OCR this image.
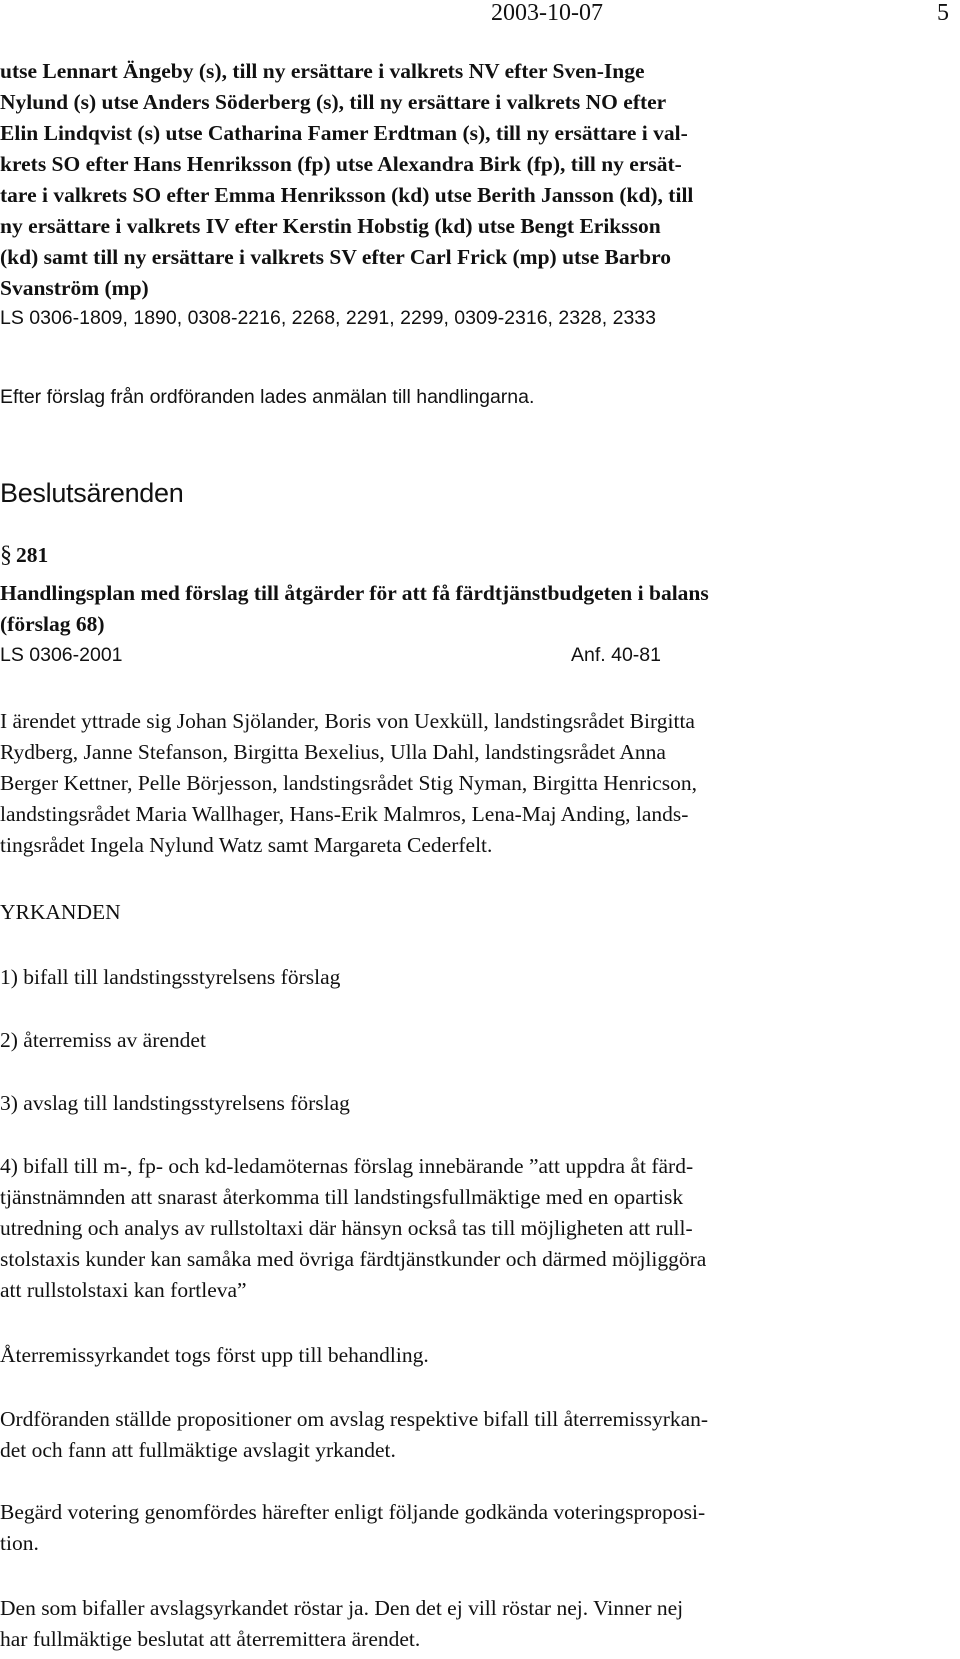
2003-10-07	5

utse Lennart Ängeby (s), till ny ersättare i valkrets NV efter Sven-Inge
Nylund (s) utse Anders Söderberg (s), till ny ersättare i valkrets NO efter
Elin Lindqvist (s) utse Catharina Famer Erdtman (s), till ny ersättare i val-
krets SO efter Hans Henriksson (fp) utse Alexandra Birk (fp), till ny ersät-
tare i valkrets SO efter Emma Henriksson (kd) utse Berith Jansson (kd), till
ny ersättare i valkrets IV efter Kerstin Hobstig (kd) utse Bengt Eriksson
(kd) samt till ny ersättare i valkrets SV efter Carl Frick (mp) utse Barbro
Svanström (mp)

LS 0306-1809, 1890, 0308-2216, 2268, 2291, 2299, 0309-2316, 2328, 2333

Efter förslag från ordföranden lades anmälan till handlingarna.

Beslutsärenden
§ 281

Handlingsplan med förslag till åtgärder för att få färdtjänstbudgeten i balans
(förslag 68)

LS 0306-2001	Anf. 40-81

I ärendet yttrade sig Johan Sjölander, Boris von Uexküll, landstingsrådet Birgitta
Rydberg, Janne Stefanson, Birgitta Bexelius, Ulla Dahl, landstingsrådet Anna
Berger Kettner, Pelle Börjesson, landstingsrådet Stig Nyman, Birgitta Henricson,
landstingsrådet Maria Wallhager, Hans-Erik Malmros, Lena-Maj Anding, lands-
tingsrådet Ingela Nylund Watz samt Margareta Cederfelt.

YRKANDEN

1) bifall till landstingsstyrelsens förslag

2) återremiss av ärendet

3) avslag till landstingsstyrelsens förslag

4) bifall till m-, fp- och kd-ledamöternas förslag innebärande ”att uppdra åt färd-
tjänstnämnden att snarast återkomma till landstingsfullmäktige med en opartisk
utredning och analys av rullstoltaxi där hänsyn också tas till möjligheten att rull-
stolstaxis kunder kan samåka med övriga färdtjänstkunder och därmed möjliggöra
att rullstolstaxi kan fortleva”

Återremissyrkandet togs först upp till behandling.

Ordföranden ställde propositioner om avslag respektive bifall till återremissyrkan-
det och fann att fullmäktige avslagit yrkandet.

Begärd votering genomfördes härefter enligt följande godkända voteringsproposi-
tion.

Den som bifaller avslagsyrkandet röstar ja. Den det ej vill röstar nej. Vinner nej
har fullmäktige beslutat att återremittera ärendet.
